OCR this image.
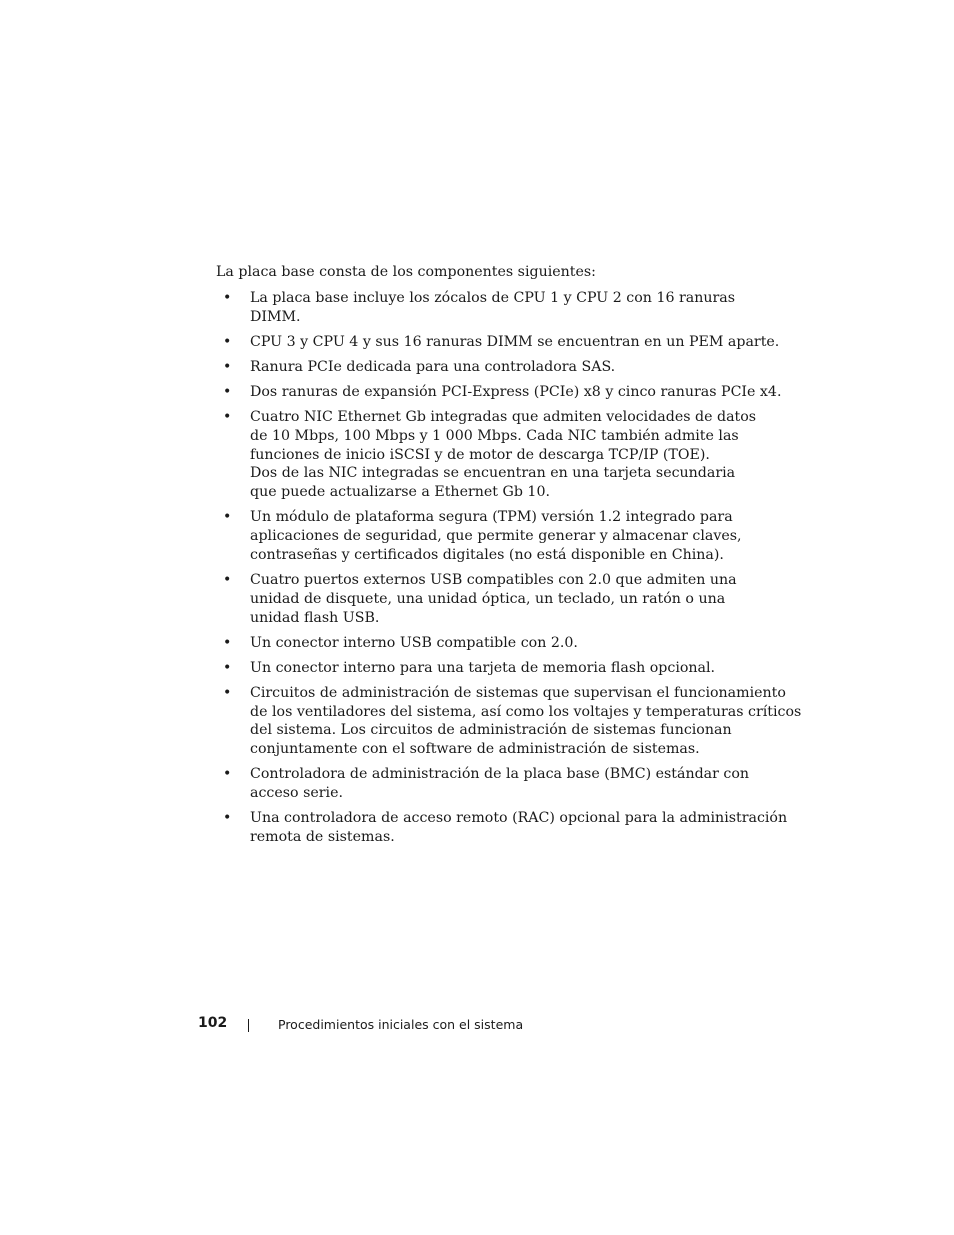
La placa base consta de los componentes siguientes:

• La placa base incluye los zócalos de CPU 1 y CPU 2 con 16 ranuras
DIMM.
• CPU 3 y CPU 4 y sus 16 ranuras DIMM se encuentran en un PEM aparte.
• Ranura PCIe dedicada para una controladora SAS.
• Dos ranuras de expansión PCI-Express (PCIe) x8 y cinco ranuras PCIe x4.
• Cuatro NIC Ethernet Gb integradas que admiten velocidades de datos
de 10 Mbps, 100 Mbps y 1 000 Mbps. Cada NIC también admite las
funciones de inicio iSCSI y de motor de descarga TCP/IP (TOE).
Dos de las NIC integradas se encuentran en una tarjeta secundaria
que puede actualizarse a Ethernet Gb 10.
• Un módulo de plataforma segura (TPM) versión 1.2 integrado para
aplicaciones de seguridad, que permite generar y almacenar claves,
contraseñas y certificados digitales (no está disponible en China).
• Cuatro puertos externos USB compatibles con 2.0 que admiten una
unidad de disquete, una unidad óptica, un teclado, un ratón o una
unidad flash USB.
• Un conector interno USB compatible con 2.0.
• Un conector interno para una tarjeta de memoria flash opcional.
• Circuitos de administración de sistemas que supervisan el funcionamiento
de los ventiladores del sistema, así como los voltajes y temperaturas críticos
del sistema. Los circuitos de administración de sistemas funcionan
conjuntamente con el software de administración de sistemas.
• Controladora de administración de la placa base (BMC) estándar con
acceso serie.
• Una controladora de acceso remoto (RAC) opcional para la administración
remota de sistemas.
102	Procedimientos iniciales con el sistema
